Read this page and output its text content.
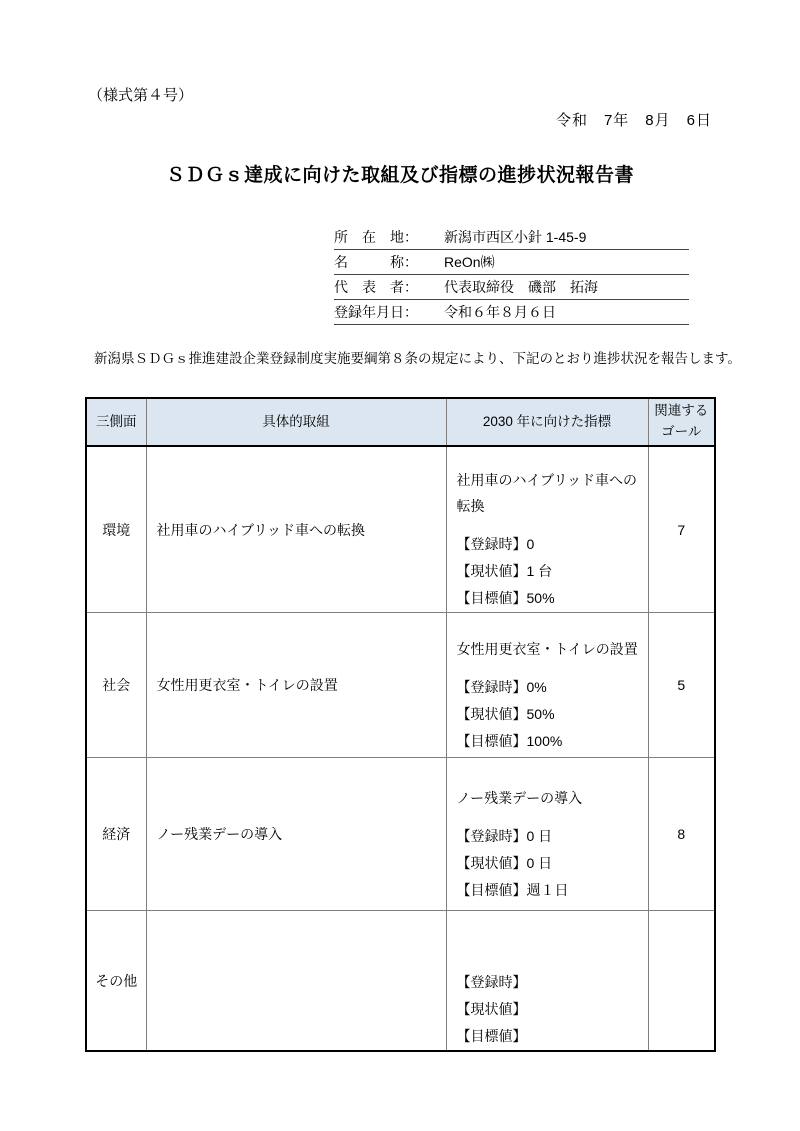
（様式第４号）
令和　7年　8月　6日
ＳＤＧｓ達成に向けた取組及び指標の進捗状況報告書
所　在　地：	新潟市西区小針 1-45-9
名　　　称：	ReOn㈱
代　表　者：	代表取締役　磯部　拓海
登録年月日：	令和６年８月６日

新潟県ＳＤＧｓ推進建設企業登録制度実施要綱第８条の規定により、下記のとおり進捗状況を報告します。

三側面	具体的取組	2030 年に向けた指標	関連するゴール
環境	社用車のハイブリッド車への転換	社用車のハイブリッド車への転換
【登録時】0
【現状値】1 台
【目標値】50%	7
社会	女性用更衣室・トイレの設置	女性用更衣室・トイレの設置
【登録時】0%
【現状値】50%
【目標値】100%	5
経済	ノー残業デーの導入	ノー残業デーの導入
【登録時】0 日
【現状値】0 日
【目標値】週１日	8
その他		【登録時】
【現状値】
【目標値】	
